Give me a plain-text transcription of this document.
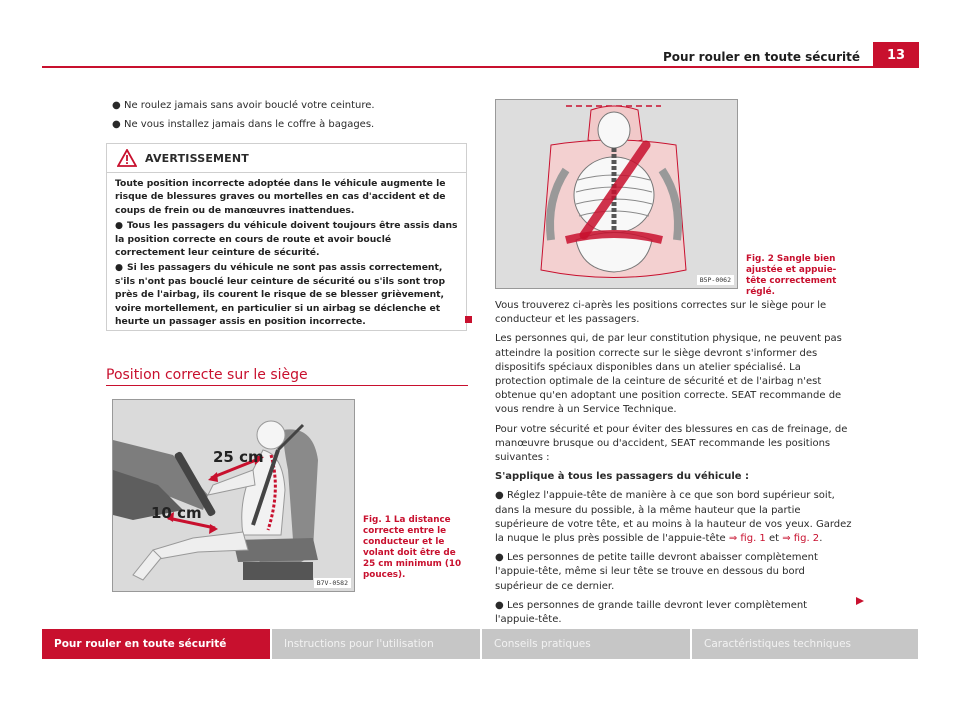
Pour rouler en toute sécurité	13

● Ne roulez jamais sans avoir bouclé votre ceinture.

● Ne vous installez jamais dans le coffre à bagages.

AVERTISSEMENT

Toute position incorrecte adoptée dans le véhicule augmente le risque de blessures graves ou mortelles en cas d'accident et de coups de frein ou de manœuvres inattendues.

● Tous les passagers du véhicule doivent toujours être assis dans la position correcte en cours de route et avoir bouclé correctement leur ceinture de sécurité.

● Si les passagers du véhicule ne sont pas assis correctement, s'ils n'ont pas bouclé leur ceinture de sécurité ou s'ils sont trop près de l'airbag, ils courent le risque de se blesser grièvement, voire mortellement, en particulier si un airbag se déclenche et heurte un passager assis en position incorrecte.

Position correcte sur le siège
25 cm
10 cm
B7V-0582
Fig. 1 La distance correcte entre le conducteur et le volant doit être de 25 cm minimum (10 pouces).
B5P-0062
Fig. 2 Sangle bien ajustée et appuie-tête correctement réglé.

Vous trouverez ci-après les positions correctes sur le siège pour le conducteur et les passagers.

Les personnes qui, de par leur constitution physique, ne peuvent pas atteindre la position correcte sur le siège devront s'informer des dispositifs spéciaux disponibles dans un atelier spécialisé. La protection optimale de la ceinture de sécurité et de l'airbag n'est obtenue qu'en adoptant une position correcte. SEAT recommande de vous rendre à un Service Technique.

Pour votre sécurité et pour éviter des blessures en cas de freinage, de manœuvre brusque ou d'accident, SEAT recommande les positions suivantes :

S'applique à tous les passagers du véhicule :

● Réglez l'appuie-tête de manière à ce que son bord supérieur soit, dans la mesure du possible, à la même hauteur que la partie supérieure de votre tête, et au moins à la hauteur de vos yeux. Gardez la nuque le plus près possible de l'appuie-tête ⇒ fig. 1 et ⇒ fig. 2.

● Les personnes de petite taille devront abaisser complètement l'appuie-tête, même si leur tête se trouve en dessous du bord supérieur de ce dernier.

● Les personnes de grande taille devront lever complètement l'appuie-tête.

Pour rouler en toute sécurité	Instructions pour l'utilisation	Conseils pratiques	Caractéristiques techniques
